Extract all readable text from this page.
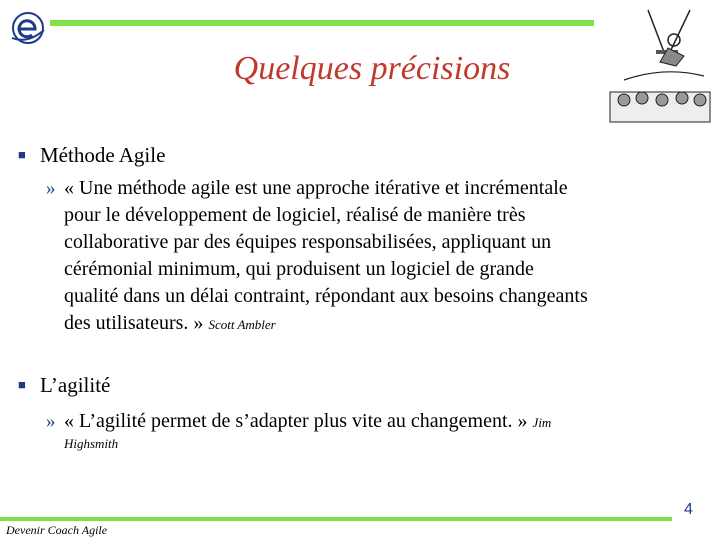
Quelques précisions
■ Méthode Agile
» « Une méthode agile est une approche itérative et incrémentale
pour le développement de logiciel, réalisé de manière très
collaborative par des équipes responsabilisées, appliquant un
cérémonial minimum, qui produisent un logiciel de grande
qualité dans un délai contraint, répondant aux besoins changeants
des utilisateurs. » Scott Ambler
■ L’agilité
» « L’agilité permet de s’adapter plus vite au changement. » Jim
Highsmith
4
Devenir Coach Agile
